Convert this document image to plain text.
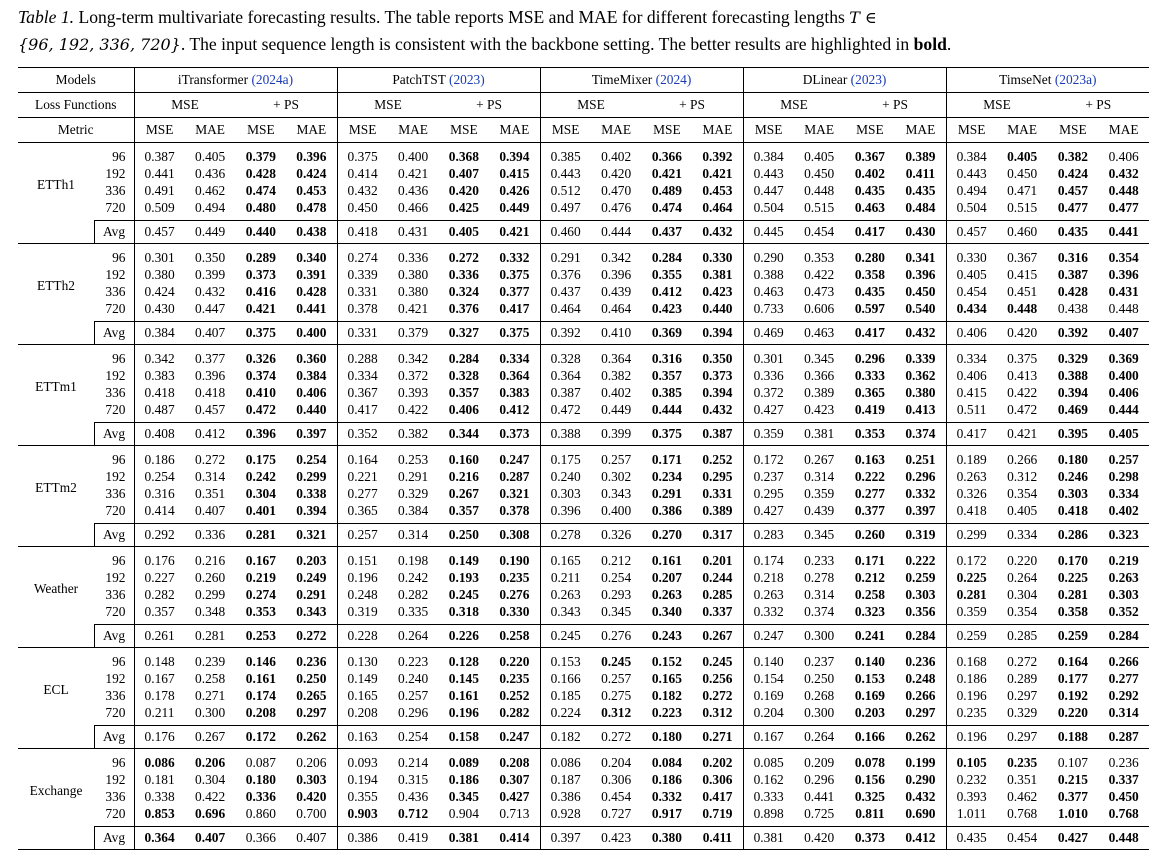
Table 1. Long-term multivariate forecasting results. The table reports MSE and MAE for different forecasting lengths T ∈
{96, 192, 336, 720}. The input sequence length is consistent with the backbone setting. The better results are highlighted in bold.
Models		iTransformer (2024a)				PatchTST (2023)				TimeMixer (2024)				DLinear (2023)				TimseNet (2023a)			
Loss Functions		MSE		+ PS		MSE		+ PS		MSE		+ PS		MSE		+ PS		MSE		+ PS	
Metric		MSE	MAE	MSE	MAE	MSE	MAE	MSE	MAE	MSE	MAE	MSE	MAE	MSE	MAE	MSE	MAE	MSE	MAE	MSE	MAE
ETTh1	96	0.387	0.405	0.379	0.396	0.375	0.400	0.368	0.394	0.385	0.402	0.366	0.392	0.384	0.405	0.367	0.389	0.384	0.405	0.382	0.406
	192	0.441	0.436	0.428	0.424	0.414	0.421	0.407	0.415	0.443	0.420	0.421	0.421	0.443	0.450	0.402	0.411	0.443	0.450	0.424	0.432
	336	0.491	0.462	0.474	0.453	0.432	0.436	0.420	0.426	0.512	0.470	0.489	0.453	0.447	0.448	0.435	0.435	0.494	0.471	0.457	0.448
	720	0.509	0.494	0.480	0.478	0.450	0.466	0.425	0.449	0.497	0.476	0.474	0.464	0.504	0.515	0.463	0.484	0.504	0.515	0.477	0.477
	Avg	0.457	0.449	0.440	0.438	0.418	0.431	0.405	0.421	0.460	0.444	0.437	0.432	0.445	0.454	0.417	0.430	0.457	0.460	0.435	0.441
ETTh2	96	0.301	0.350	0.289	0.340	0.274	0.336	0.272	0.332	0.291	0.342	0.284	0.330	0.290	0.353	0.280	0.341	0.330	0.367	0.316	0.354
	192	0.380	0.399	0.373	0.391	0.339	0.380	0.336	0.375	0.376	0.396	0.355	0.381	0.388	0.422	0.358	0.396	0.405	0.415	0.387	0.396
	336	0.424	0.432	0.416	0.428	0.331	0.380	0.324	0.377	0.437	0.439	0.412	0.423	0.463	0.473	0.435	0.450	0.454	0.451	0.428	0.431
	720	0.430	0.447	0.421	0.441	0.378	0.421	0.376	0.417	0.464	0.464	0.423	0.440	0.733	0.606	0.597	0.540	0.434	0.448	0.438	0.448
	Avg	0.384	0.407	0.375	0.400	0.331	0.379	0.327	0.375	0.392	0.410	0.369	0.394	0.469	0.463	0.417	0.432	0.406	0.420	0.392	0.407
ETTm1	96	0.342	0.377	0.326	0.360	0.288	0.342	0.284	0.334	0.328	0.364	0.316	0.350	0.301	0.345	0.296	0.339	0.334	0.375	0.329	0.369
	192	0.383	0.396	0.374	0.384	0.334	0.372	0.328	0.364	0.364	0.382	0.357	0.373	0.336	0.366	0.333	0.362	0.406	0.413	0.388	0.400
	336	0.418	0.418	0.410	0.406	0.367	0.393	0.357	0.383	0.387	0.402	0.385	0.394	0.372	0.389	0.365	0.380	0.415	0.422	0.394	0.406
	720	0.487	0.457	0.472	0.440	0.417	0.422	0.406	0.412	0.472	0.449	0.444	0.432	0.427	0.423	0.419	0.413	0.511	0.472	0.469	0.444
	Avg	0.408	0.412	0.396	0.397	0.352	0.382	0.344	0.373	0.388	0.399	0.375	0.387	0.359	0.381	0.353	0.374	0.417	0.421	0.395	0.405
ETTm2	96	0.186	0.272	0.175	0.254	0.164	0.253	0.160	0.247	0.175	0.257	0.171	0.252	0.172	0.267	0.163	0.251	0.189	0.266	0.180	0.257
	192	0.254	0.314	0.242	0.299	0.221	0.291	0.216	0.287	0.240	0.302	0.234	0.295	0.237	0.314	0.222	0.296	0.263	0.312	0.246	0.298
	336	0.316	0.351	0.304	0.338	0.277	0.329	0.267	0.321	0.303	0.343	0.291	0.331	0.295	0.359	0.277	0.332	0.326	0.354	0.303	0.334
	720	0.414	0.407	0.401	0.394	0.365	0.384	0.357	0.378	0.396	0.400	0.386	0.389	0.427	0.439	0.377	0.397	0.418	0.405	0.418	0.402
	Avg	0.292	0.336	0.281	0.321	0.257	0.314	0.250	0.308	0.278	0.326	0.270	0.317	0.283	0.345	0.260	0.319	0.299	0.334	0.286	0.323
Weather	96	0.176	0.216	0.167	0.203	0.151	0.198	0.149	0.190	0.165	0.212	0.161	0.201	0.174	0.233	0.171	0.222	0.172	0.220	0.170	0.219
	192	0.227	0.260	0.219	0.249	0.196	0.242	0.193	0.235	0.211	0.254	0.207	0.244	0.218	0.278	0.212	0.259	0.225	0.264	0.225	0.263
	336	0.282	0.299	0.274	0.291	0.248	0.282	0.245	0.276	0.263	0.293	0.263	0.285	0.263	0.314	0.258	0.303	0.281	0.304	0.281	0.303
	720	0.357	0.348	0.353	0.343	0.319	0.335	0.318	0.330	0.343	0.345	0.340	0.337	0.332	0.374	0.323	0.356	0.359	0.354	0.358	0.352
	Avg	0.261	0.281	0.253	0.272	0.228	0.264	0.226	0.258	0.245	0.276	0.243	0.267	0.247	0.300	0.241	0.284	0.259	0.285	0.259	0.284
ECL	96	0.148	0.239	0.146	0.236	0.130	0.223	0.128	0.220	0.153	0.245	0.152	0.245	0.140	0.237	0.140	0.236	0.168	0.272	0.164	0.266
	192	0.167	0.258	0.161	0.250	0.149	0.240	0.145	0.235	0.166	0.257	0.165	0.256	0.154	0.250	0.153	0.248	0.186	0.289	0.177	0.277
	336	0.178	0.271	0.174	0.265	0.165	0.257	0.161	0.252	0.185	0.275	0.182	0.272	0.169	0.268	0.169	0.266	0.196	0.297	0.192	0.292
	720	0.211	0.300	0.208	0.297	0.208	0.296	0.196	0.282	0.224	0.312	0.223	0.312	0.204	0.300	0.203	0.297	0.235	0.329	0.220	0.314
	Avg	0.176	0.267	0.172	0.262	0.163	0.254	0.158	0.247	0.182	0.272	0.180	0.271	0.167	0.264	0.166	0.262	0.196	0.297	0.188	0.287
Exchange	96	0.086	0.206	0.087	0.206	0.093	0.214	0.089	0.208	0.086	0.204	0.084	0.202	0.085	0.209	0.078	0.199	0.105	0.235	0.107	0.236
	192	0.181	0.304	0.180	0.303	0.194	0.315	0.186	0.307	0.187	0.306	0.186	0.306	0.162	0.296	0.156	0.290	0.232	0.351	0.215	0.337
	336	0.338	0.422	0.336	0.420	0.355	0.436	0.345	0.427	0.386	0.454	0.332	0.417	0.333	0.441	0.325	0.432	0.393	0.462	0.377	0.450
	720	0.853	0.696	0.860	0.700	0.903	0.712	0.904	0.713	0.928	0.727	0.917	0.719	0.898	0.725	0.811	0.690	1.011	0.768	1.010	0.768
	Avg	0.364	0.407	0.366	0.407	0.386	0.419	0.381	0.414	0.397	0.423	0.380	0.411	0.381	0.420	0.373	0.412	0.435	0.454	0.427	0.448
